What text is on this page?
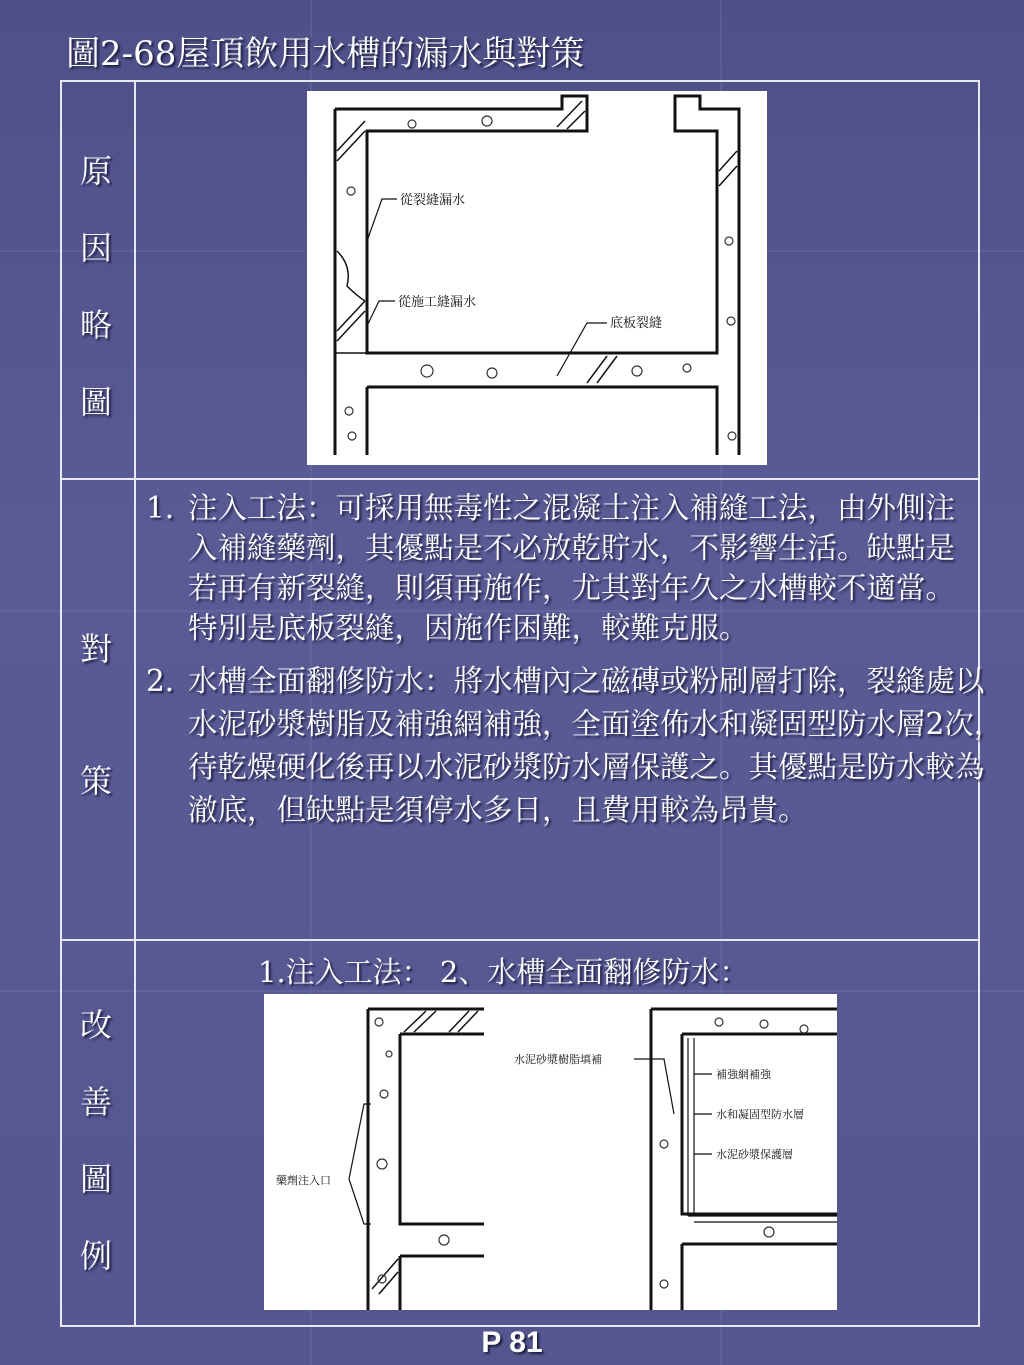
圖2-68屋頂飲用水槽的漏水與對策
原
因
略
圖
對
策
改
善
圖
例
從裂縫漏水
從施工縫漏水
底板裂縫

1. 注入工法：可採用無毒性之混凝土注入補縫工法，由外側注入補縫藥劑，其優點是不必放乾貯水，不影響生活。缺點是若再有新裂縫，則須再施作，尤其對年久之水槽較不適當。特別是底板裂縫，因施作困難，較難克服。

2. 水槽全面翻修防水：將水槽內之磁磚或粉刷層打除，裂縫處以水泥砂漿樹脂及補強網補強，全面塗佈水和凝固型防水層2次，待乾燥硬化後再以水泥砂漿防水層保護之。其優點是防水較為澈底，但缺點是須停水多日，且費用較為昂貴。

1.注入工法： 2、水槽全面翻修防水：
藥劑注入口
水泥砂漿樹脂填補
補強網補強
水和凝固型防水層
水泥砂漿保護層
P 81
